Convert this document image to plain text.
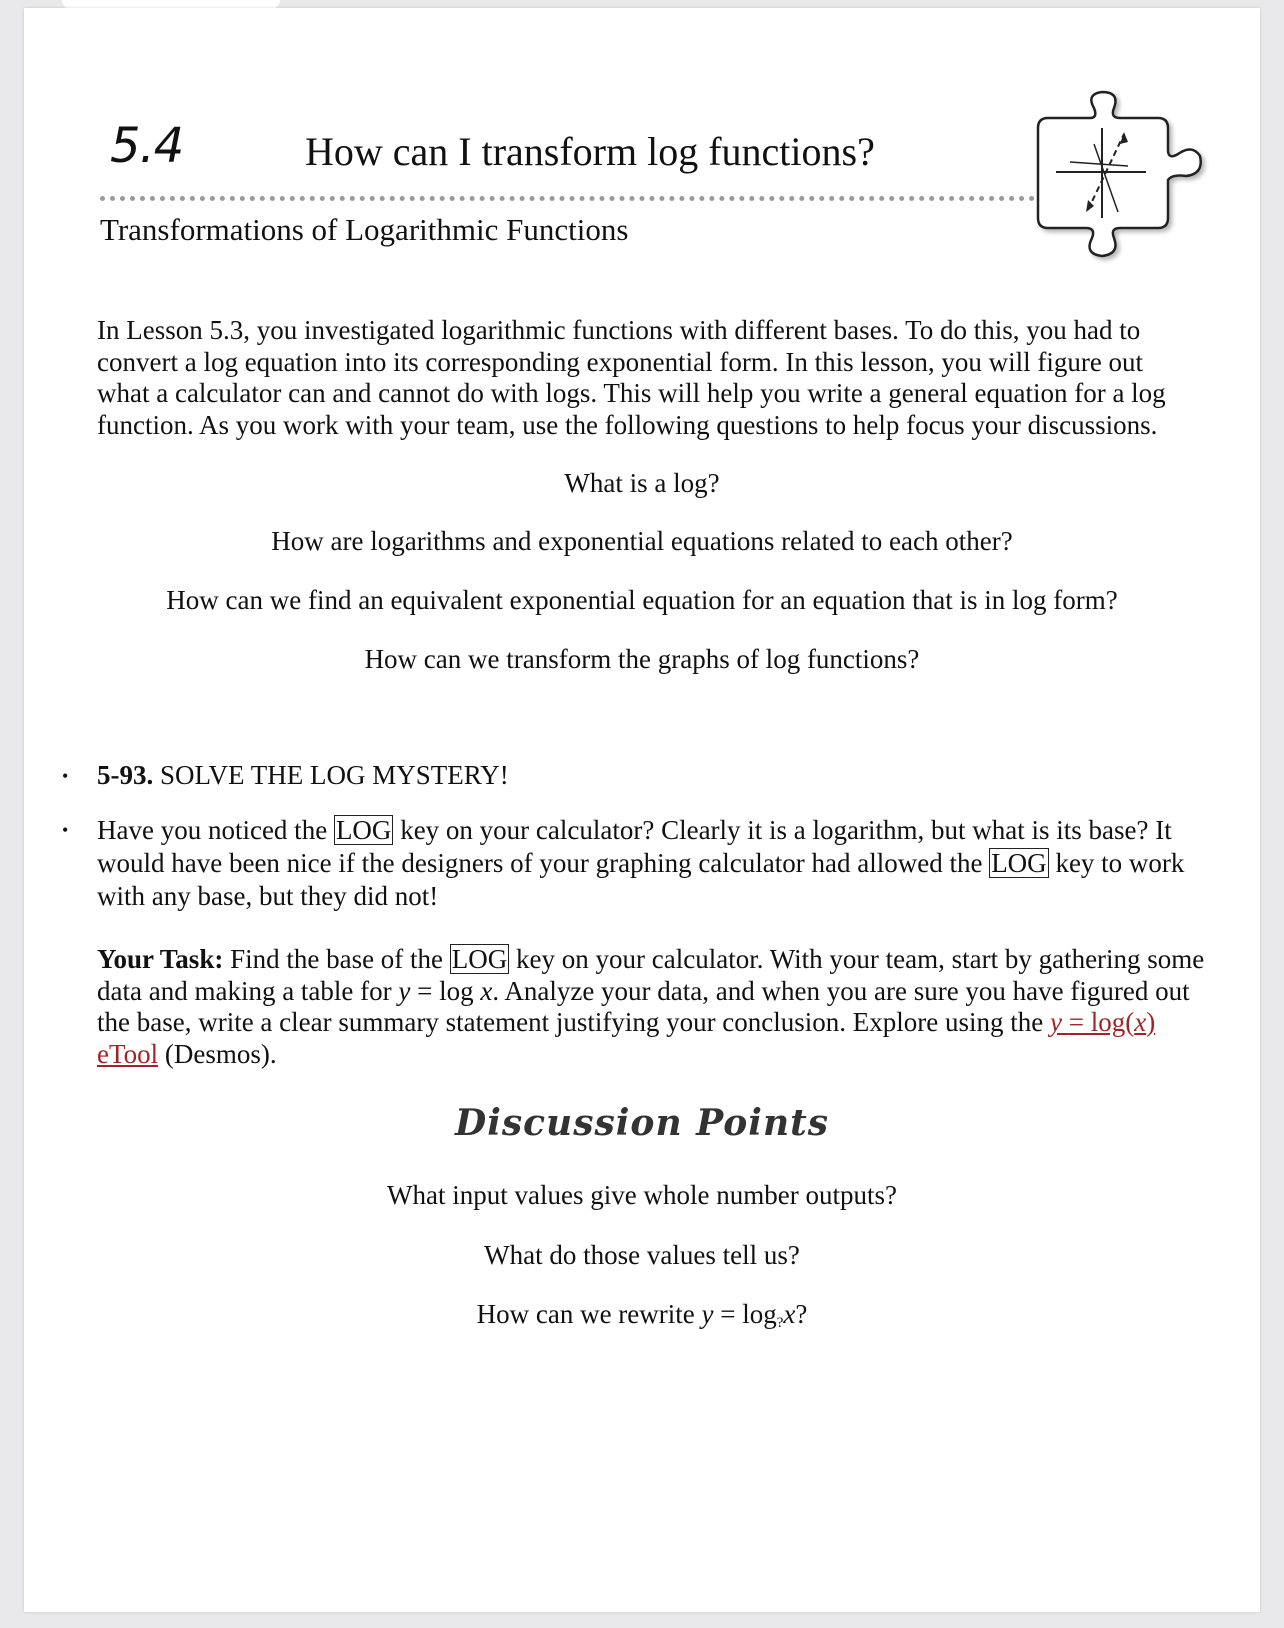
5.4	How can I transform log functions?
Transformations of Logarithmic Functions
In Lesson 5.3, you investigated logarithmic functions with different bases. To do this, you had to convert a log equation into its corresponding exponential form. In this lesson, you will figure out what a calculator can and cannot do with logs. This will help you write a general equation for a log function. As you work with your team, use the following questions to help focus your discussions.
What is a log?
How are logarithms and exponential equations related to each other?
How can we find an equivalent exponential equation for an equation that is in log form?
How can we transform the graphs of log functions?
• 5-93. SOLVE THE LOG MYSTERY!
• Have you noticed the LOG key on your calculator? Clearly it is a logarithm, but what is its base? It would have been nice if the designers of your graphing calculator had allowed the LOG key to work with any base, but they did not!
Your Task: Find the base of the LOG key on your calculator. With your team, start by gathering some data and making a table for y = log x. Analyze your data, and when you are sure you have figured out the base, write a clear summary statement justifying your conclusion. Explore using the y = log(x) eTool (Desmos).
Discussion Points
What input values give whole number outputs?
What do those values tell us?
How can we rewrite $y = \log_?x$?
